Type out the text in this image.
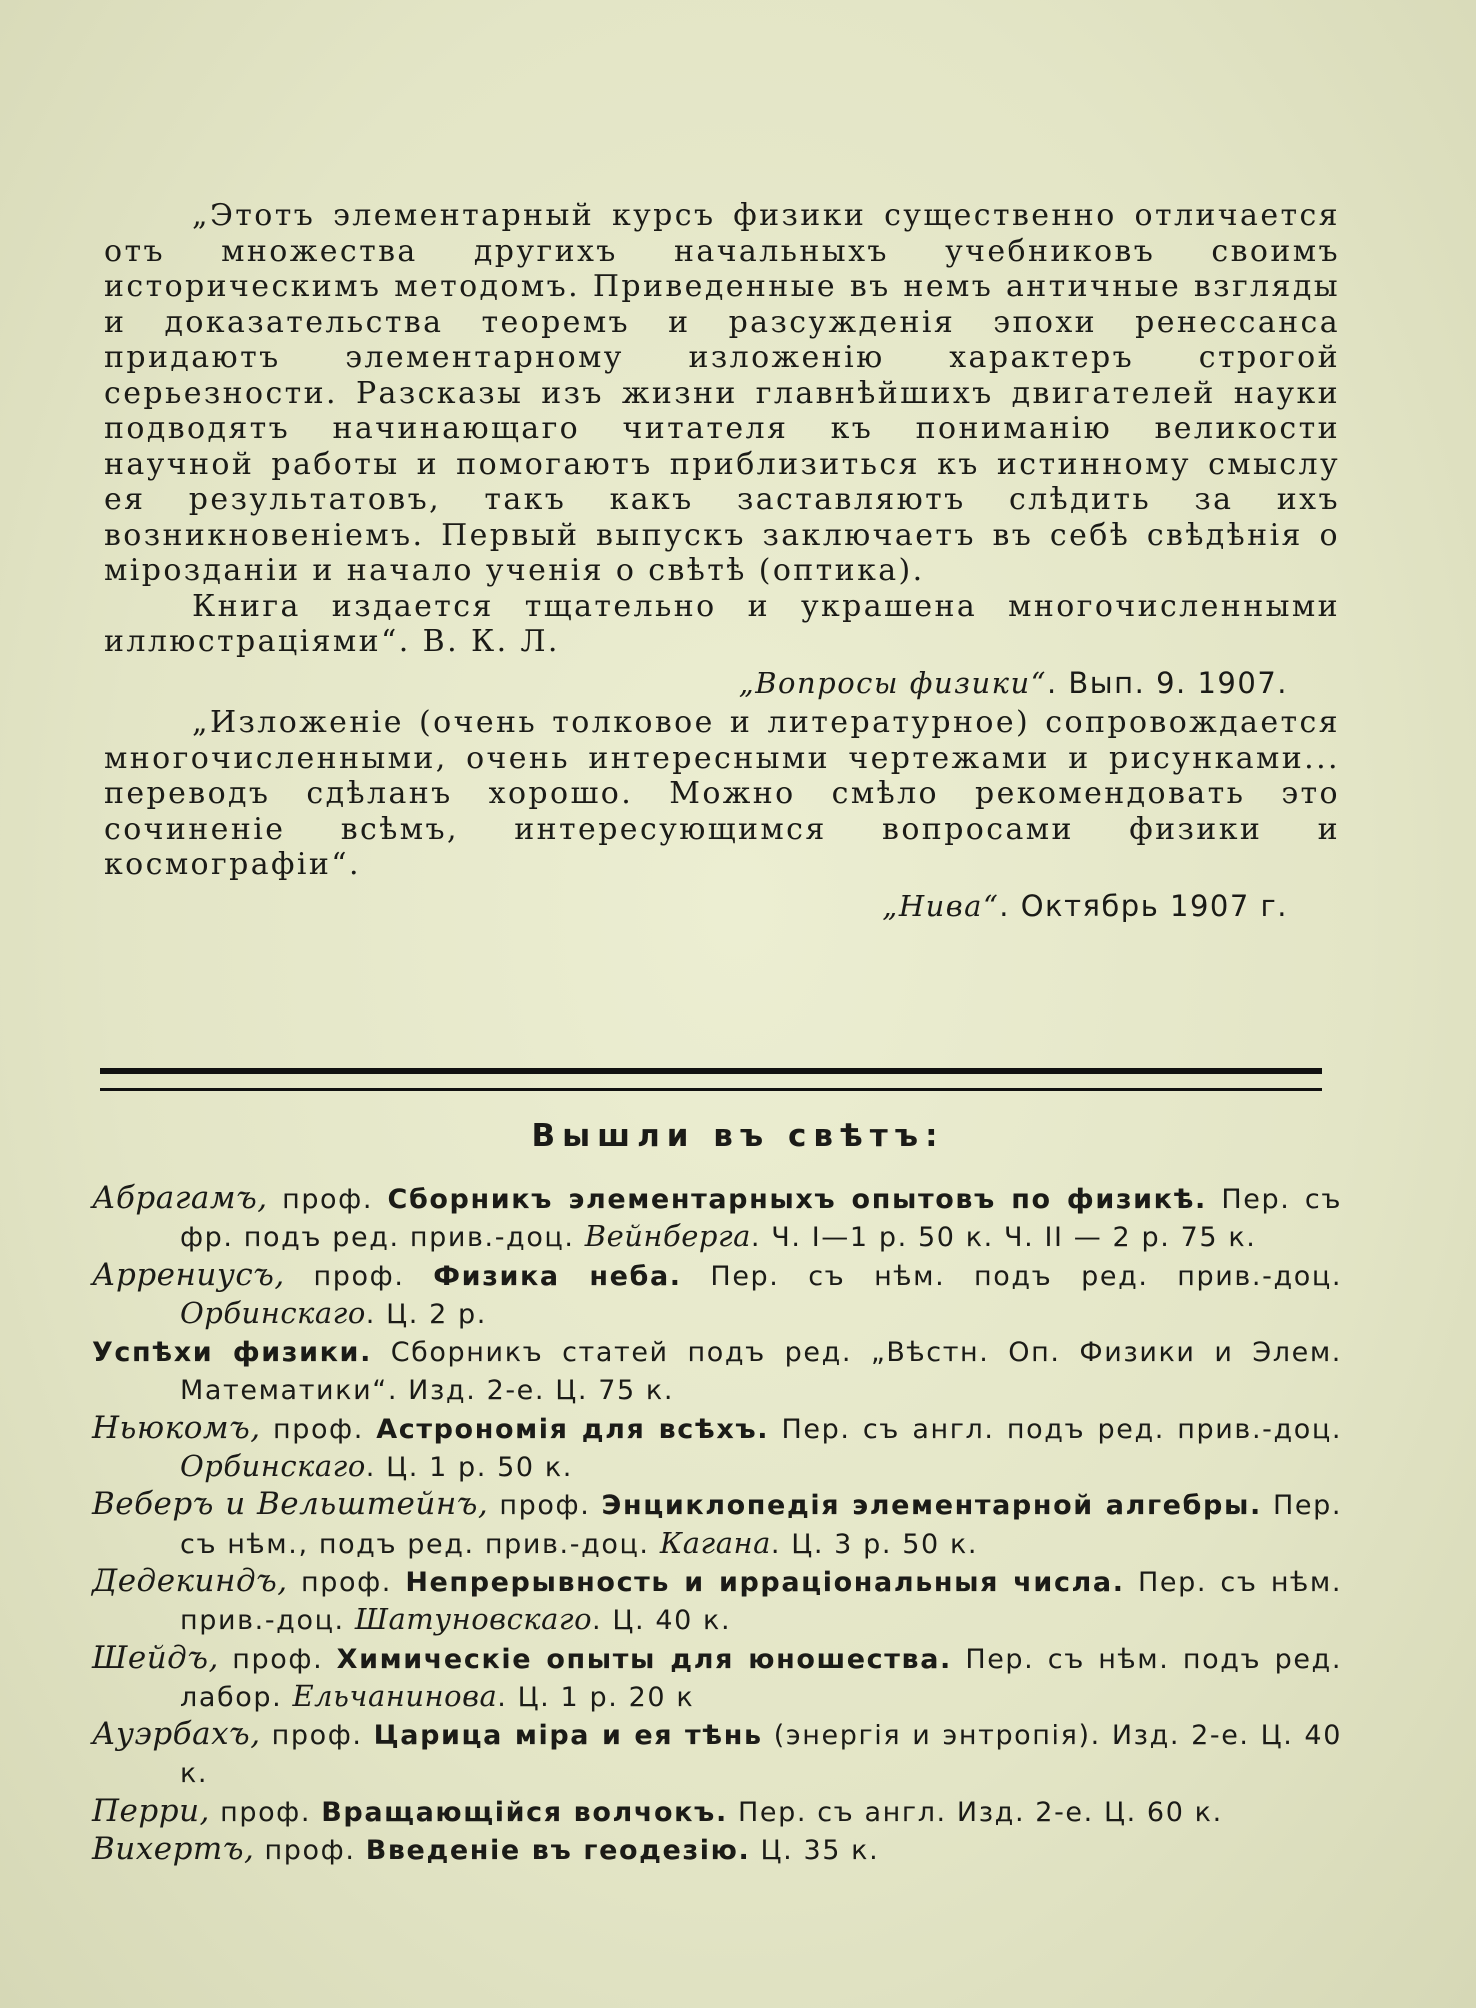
„Этотъ элементарный курсъ физики существенно отличается отъ множества другихъ начальныхъ учебниковъ своимъ историческимъ методомъ. Приведенные въ немъ античные взгляды и доказательства теоремъ и разсужденія эпохи ренессанса придаютъ элементарному изложенію характеръ строгой серьезности. Разсказы изъ жизни главнѣйшихъ двигателей науки подводятъ начинающаго читателя къ пониманію великости научной работы и помогаютъ приблизиться къ истинному смыслу ея результатовъ, такъ какъ заставляютъ слѣдить за ихъ возникновеніемъ. Первый выпускъ заключаетъ въ себѣ свѣдѣнія о мірозданіи и начало ученія о свѣтѣ (оптика).

Книга издается тщательно и украшена многочисленными иллюстраціями“. В. К. Л.

„Вопросы физики“. Вып. 9. 1907.

„Изложеніе (очень толковое и литературное) сопровождается многочисленными, очень интересными чертежами и рисунками... переводъ сдѣланъ хорошо. Можно смѣло рекомендовать это сочиненіе всѣмъ, интересующимся вопросами физики и космографіи“.

„Нива“. Октябрь 1907 г.

Вышли въ свѣтъ:
Абрагамъ, проф. Сборникъ элементарныхъ опытовъ по физикѣ. Пер. съ фр. подъ ред. прив.-доц. Вейнберга. Ч. I—1 р. 50 к. Ч. II — 2 р. 75 к.
Аррениусъ, проф. Физика неба. Пер. съ нѣм. подъ ред. прив.-доц. Орбинскаго. Ц. 2 р.
Успѣхи физики. Сборникъ статей подъ ред. „Вѣстн. Оп. Физики и Элем. Математики“. Изд. 2-е. Ц. 75 к.
Ньюкомъ, проф. Астрономія для всѣхъ. Пер. съ англ. подъ ред. прив.-доц. Орбинскаго. Ц. 1 р. 50 к.
Веберъ и Вельштейнъ, проф. Энциклопедія элементарной алгебры. Пер. съ нѣм., подъ ред. прив.-доц. Кагана. Ц. 3 р. 50 к.
Дедекиндъ, проф. Непрерывность и ирраціональныя числа. Пер. съ нѣм. прив.-доц. Шатуновскаго. Ц. 40 к.
Шейдъ, проф. Химическіе опыты для юношества. Пер. съ нѣм. подъ ред. лабор. Ельчанинова. Ц. 1 р. 20 к
Ауэрбахъ, проф. Царица міра и ея тѣнь (энергія и энтропія). Изд. 2-е. Ц. 40 к.
Перри, проф. Вращающійся волчокъ. Пер. съ англ. Изд. 2-е. Ц. 60 к.
Вихертъ, проф. Введеніе въ геодезію. Ц. 35 к.
